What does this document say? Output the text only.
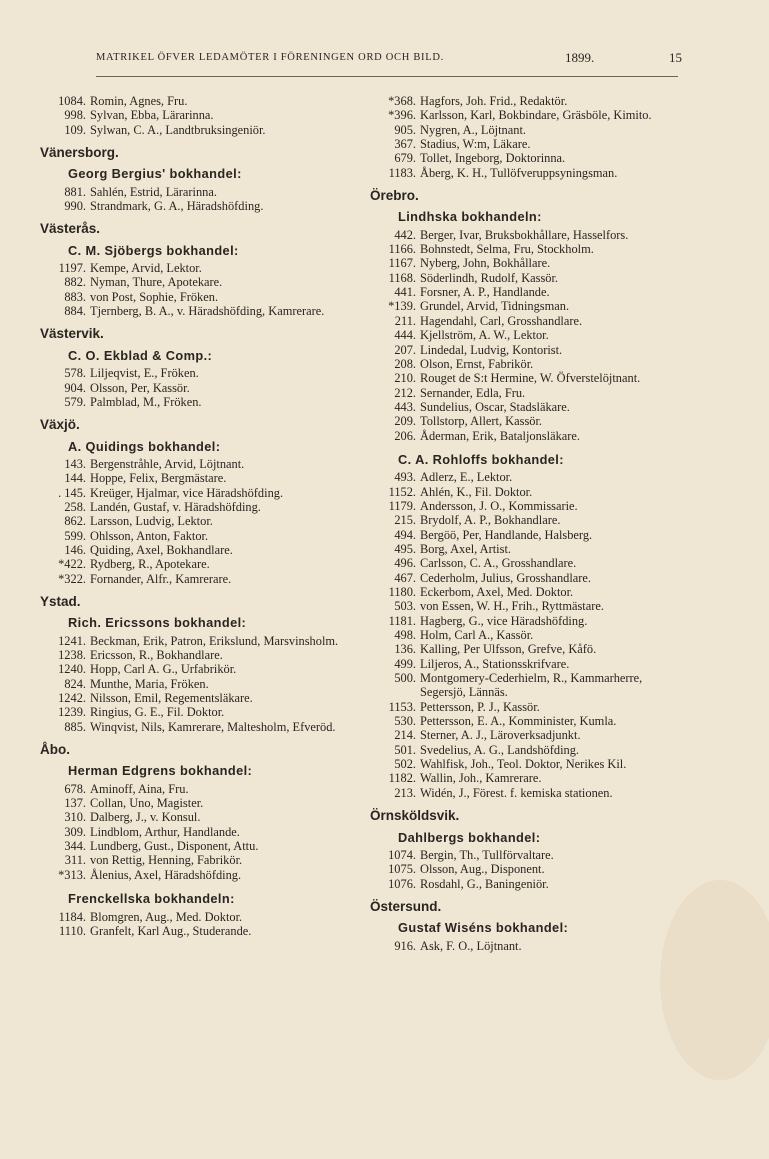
MATRIKEL ÖFVER LEDAMÖTER I FÖRENINGEN ORD OCH BILD.	1899.	15
1084. Romin, Agnes, Fru.
998. Sylvan, Ebba, Lärarinna.
109. Sylwan, C. A., Landtbruksingeniör.
Vänersborg.
Georg Bergius' bokhandel:
881. Sahlén, Estrid, Lärarinna.
990. Strandmark, G. A., Häradshöfding.
Västerås.
C. M. Sjöbergs bokhandel:
1197. Kempe, Arvid, Lektor.
882. Nyman, Thure, Apotekare.
883. von Post, Sophie, Fröken.
884. Tjernberg, B. A., v. Häradshöfding, Kamrerare.
Västervik.
C. O. Ekblad & Comp.:
578. Liljeqvist, E., Fröken.
904. Olsson, Per, Kassör.
579. Palmblad, M., Fröken.
Växjö.
A. Quidings bokhandel:
143. Bergenstråhle, Arvid, Löjtnant.
144. Hoppe, Felix, Bergmästare.
. 145. Kreüger, Hjalmar, vice Häradshöfding.
258. Landén, Gustaf, v. Häradshöfding.
862. Larsson, Ludvig, Lektor.
599. Ohlsson, Anton, Faktor.
146. Quiding, Axel, Bokhandlare.
*422. Rydberg, R., Apotekare.
*322. Fornander, Alfr., Kamrerare.
Ystad.
Rich. Ericssons bokhandel:
1241. Beckman, Erik, Patron, Erikslund, Marsvinsholm.
1238. Ericsson, R., Bokhandlare.
1240. Hopp, Carl A. G., Urfabrikör.
824. Munthe, Maria, Fröken.
1242. Nilsson, Emil, Regementsläkare.
1239. Ringius, G. E., Fil. Doktor.
885. Winqvist, Nils, Kamrerare, Maltesholm, Efveröd.
Åbo.
Herman Edgrens bokhandel:
678. Aminoff, Aina, Fru.
137. Collan, Uno, Magister.
310. Dalberg, J., v. Konsul.
309. Lindblom, Arthur, Handlande.
344. Lundberg, Gust., Disponent, Attu.
311. von Rettig, Henning, Fabrikör.
*313. Ålenius, Axel, Häradshöfding.
Frenckellska bokhandeln:
1184. Blomgren, Aug., Med. Doktor.
1110. Granfelt, Karl Aug., Studerande.
*368. Hagfors, Joh. Frid., Redaktör.
*396. Karlsson, Karl, Bokbindare, Gräsböle, Kimito.
905. Nygren, A., Löjtnant.
367. Stadius, W:m, Läkare.
679. Tollet, Ingeborg, Doktorinna.
1183. Åberg, K. H., Tullöfveruppsyningsman.
Örebro.
Lindhska bokhandeln:
442. Berger, Ivar, Bruksbokhållare, Hasselfors.
1166. Bohnstedt, Selma, Fru, Stockholm.
1167. Nyberg, John, Bokhållare.
1168. Söderlindh, Rudolf, Kassör.
441. Forsner, A. P., Handlande.
*139. Grundel, Arvid, Tidningsman.
211. Hagendahl, Carl, Grosshandlare.
444. Kjellström, A. W., Lektor.
207. Lindedal, Ludvig, Kontorist.
208. Olson, Ernst, Fabrikör.
210. Rouget de S:t Hermine, W. Öfverstelöjtnant.
212. Sernander, Edla, Fru.
443. Sundelius, Oscar, Stadsläkare.
209. Tollstorp, Allert, Kassör.
206. Åderman, Erik, Bataljonsläkare.
C. A. Rohloffs bokhandel:
493. Adlerz, E., Lektor.
1152. Ahlén, K., Fil. Doktor.
1179. Andersson, J. O., Kommissarie.
215. Brydolf, A. P., Bokhandlare.
494. Bergöö, Per, Handlande, Halsberg.
495. Borg, Axel, Artist.
496. Carlsson, C. A., Grosshandlare.
467. Cederholm, Julius, Grosshandlare.
1180. Eckerbom, Axel, Med. Doktor.
503. von Essen, W. H., Frih., Ryttmästare.
1181. Hagberg, G., vice Häradshöfding.
498. Holm, Carl A., Kassör.
136. Kalling, Per Ulfsson, Grefve, Kåfö.
499. Liljeros, A., Stationsskrifvare.
500. Montgomery-Cederhielm, R., Kammarherre, Segersjö, Lännäs.
1153. Pettersson, P. J., Kassör.
530. Pettersson, E. A., Komminister, Kumla.
214. Sterner, A. J., Läroverksadjunkt.
501. Svedelius, A. G., Landshöfding.
502. Wahlfisk, Joh., Teol. Doktor, Nerikes Kil.
1182. Wallin, Joh., Kamrerare.
213. Widén, J., Förest. f. kemiska stationen.
Örnsköldsvik.
Dahlbergs bokhandel:
1074. Bergin, Th., Tullförvaltare.
1075. Olsson, Aug., Disponent.
1076. Rosdahl, G., Baningeniör.
Östersund.
Gustaf Wiséns bokhandel:
916. Ask, F. O., Löjtnant.
